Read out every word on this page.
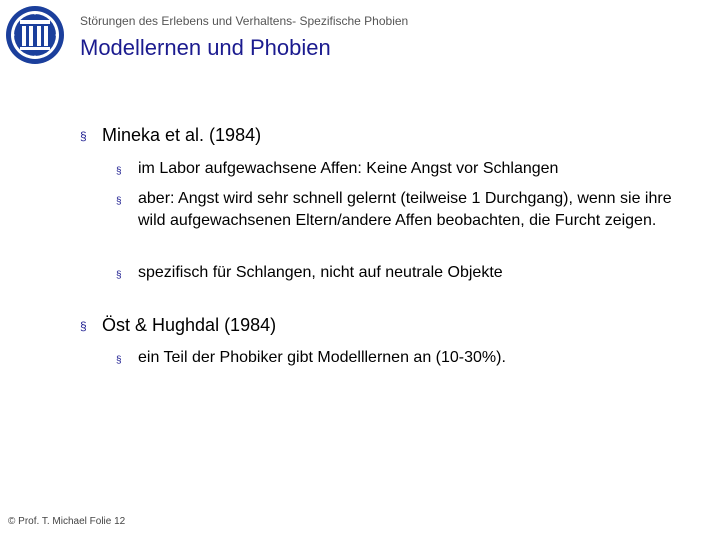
Störungen des Erlebens und Verhaltens- Spezifische Phobien
Modellernen und Phobien
§ Mineka et al. (1984)
§	im Labor aufgewachsene Affen: Keine Angst vor Schlangen
§	aber: Angst wird sehr schnell gelernt (teilweise 1 Durchgang), wenn sie ihre wild aufgewachsenen Eltern/andere Affen beobachten, die Furcht zeigen.
§	spezifisch für Schlangen, nicht auf neutrale Objekte
§ Öst & Hughdal (1984)
§	ein Teil der Phobiker gibt Modelllernen an (10-30%).
© Prof. T. Michael Folie 12
